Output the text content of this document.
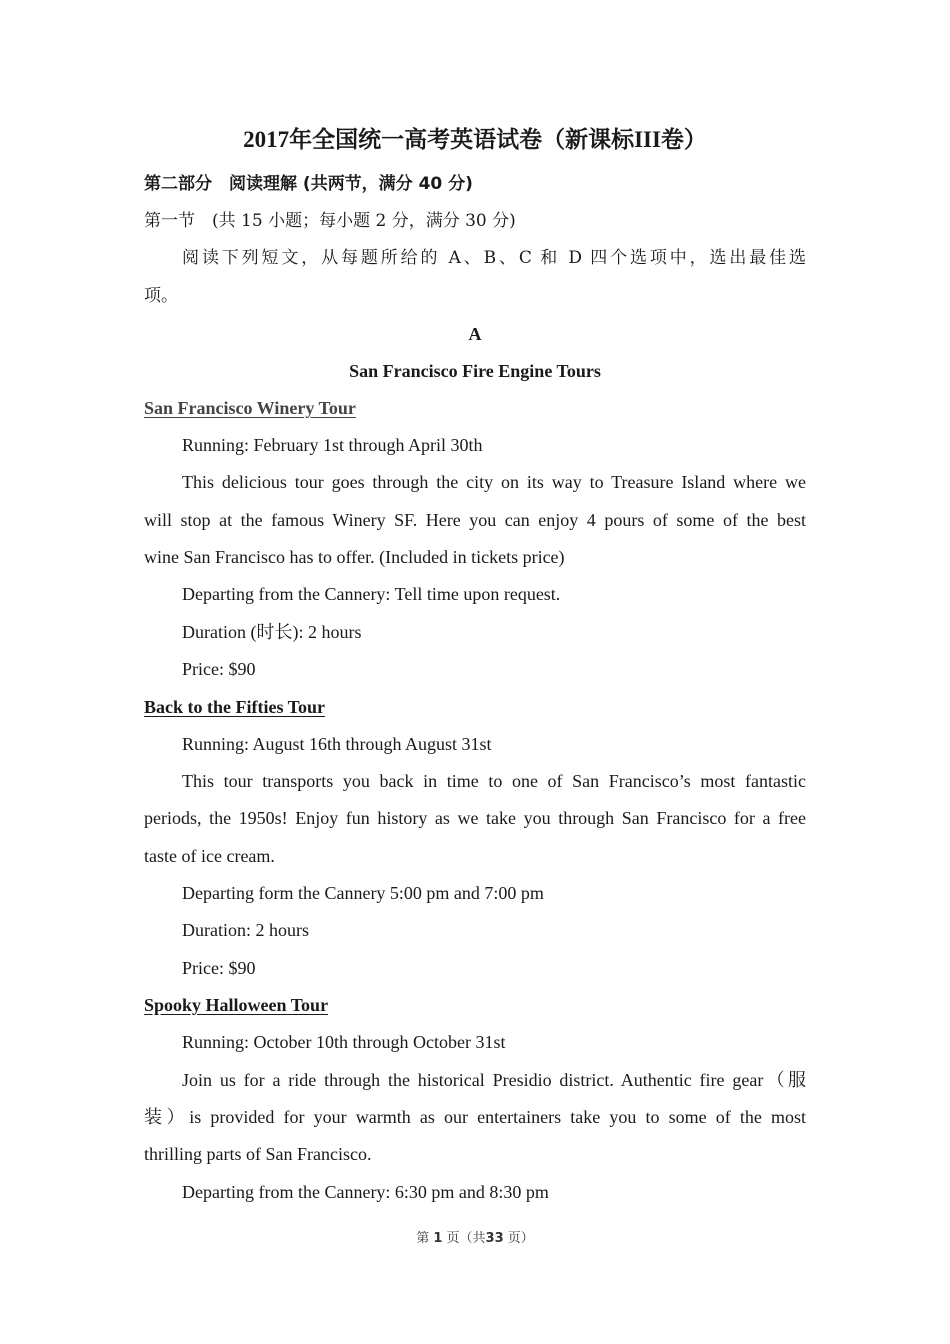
2017年全国统一高考英语试卷（新课标III卷）
第二部分　阅读理解 (共两节，满分 40 分)
第一节　(共 15 小题；每小题 2 分，满分 30 分)
阅读下列短文，从每题所给的 A、B、C 和 D 四个选项中，选出最佳选
项。
A
San Francisco Fire Engine Tours
San Francisco Winery Tour
Running: February 1st through April 30th
This delicious tour goes through the city on its way to Treasure Island where we
will stop at the famous Winery SF. Here you can enjoy 4 pours of some of the best
wine San Francisco has to offer. (Included in tickets price)
Departing from the Cannery: Tell time upon request.
Duration (时长): 2 hours
Price: $90
Back to the Fifties Tour
Running: August 16th through August 31st
This tour transports you back in time to one of San Francisco’s most fantastic
periods, the 1950s! Enjoy fun history as we take you through San Francisco for a free
taste of ice cream.
Departing form the Cannery 5:00 pm and 7:00 pm
Duration: 2 hours
Price: $90
Spooky Halloween Tour
Running: October 10th through October 31st
Join us for a ride through the historical Presidio district. Authentic fire gear（服
装）is provided for your warmth as our entertainers take you to some of the most
thrilling parts of San Francisco.
Departing from the Cannery: 6:30 pm and 8:30 pm
第 1 页（共33 页）
